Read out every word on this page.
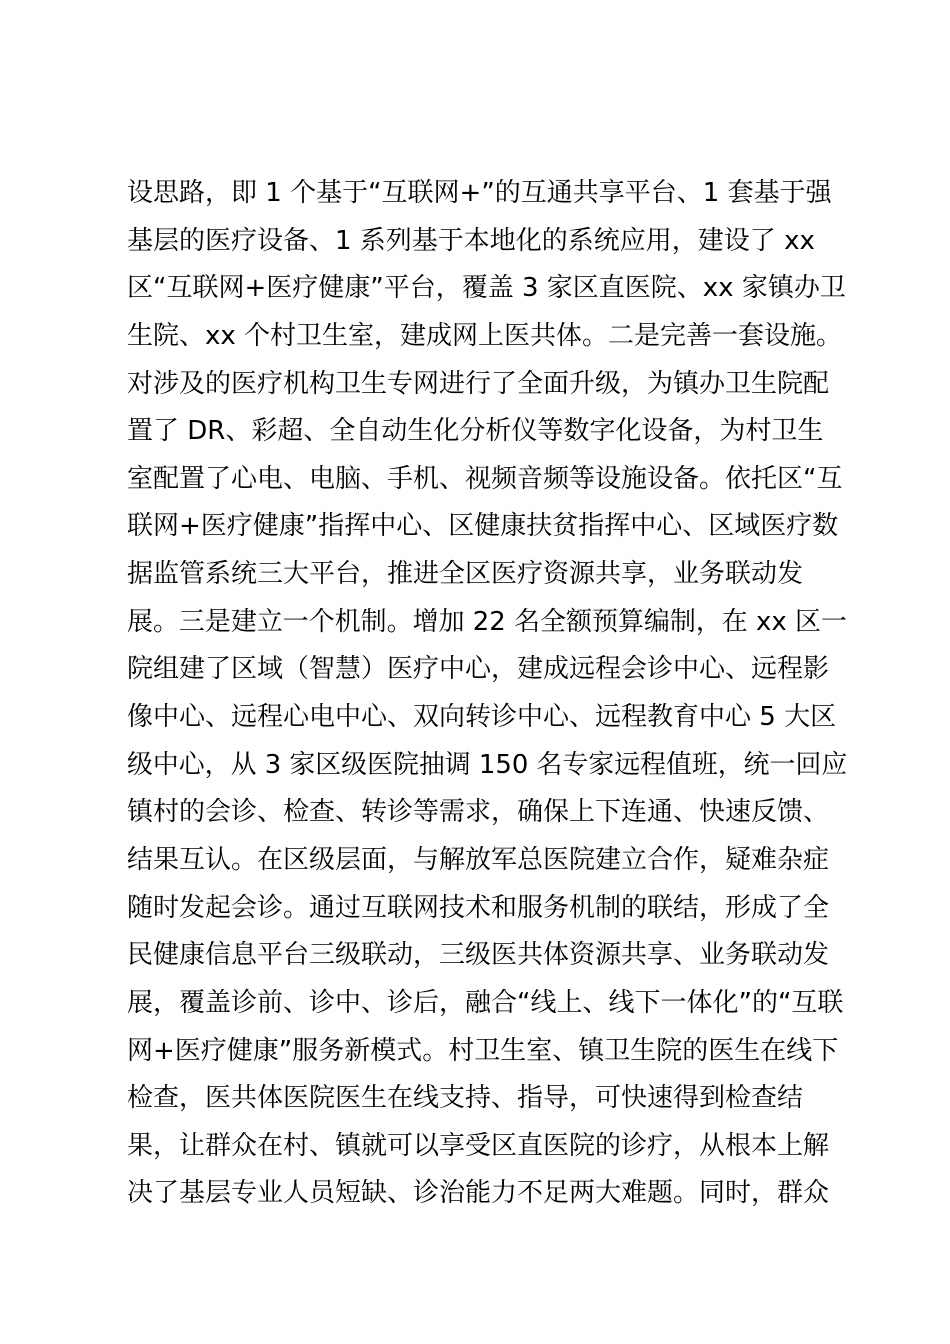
设思路，即 1 个基于“互联网+”的互通共享平台、1 套基于强
基层的医疗设备、1 系列基于本地化的系统应用，建设了 xx
区“互联网+医疗健康”平台，覆盖 3 家区直医院、xx 家镇办卫
生院、xx 个村卫生室，建成网上医共体。二是完善一套设施。
对涉及的医疗机构卫生专网进行了全面升级，为镇办卫生院配
置了 DR、彩超、全自动生化分析仪等数字化设备，为村卫生
室配置了心电、电脑、手机、视频音频等设施设备。依托区“互
联网+医疗健康”指挥中心、区健康扶贫指挥中心、区域医疗数
据监管系统三大平台，推进全区医疗资源共享，业务联动发
展。三是建立一个机制。增加 22 名全额预算编制，在 xx 区一
院组建了区域（智慧）医疗中心，建成远程会诊中心、远程影
像中心、远程心电中心、双向转诊中心、远程教育中心 5 大区
级中心，从 3 家区级医院抽调 150 名专家远程值班，统一回应
镇村的会诊、检查、转诊等需求，确保上下连通、快速反馈、
结果互认。在区级层面，与解放军总医院建立合作，疑难杂症
随时发起会诊。通过互联网技术和服务机制的联结，形成了全
民健康信息平台三级联动，三级医共体资源共享、业务联动发
展，覆盖诊前、诊中、诊后，融合“线上、线下一体化”的“互联
网+医疗健康”服务新模式。村卫生室、镇卫生院的医生在线下
检查，医共体医院医生在线支持、指导，可快速得到检查结
果，让群众在村、镇就可以享受区直医院的诊疗，从根本上解
决了基层专业人员短缺、诊治能力不足两大难题。同时，群众
